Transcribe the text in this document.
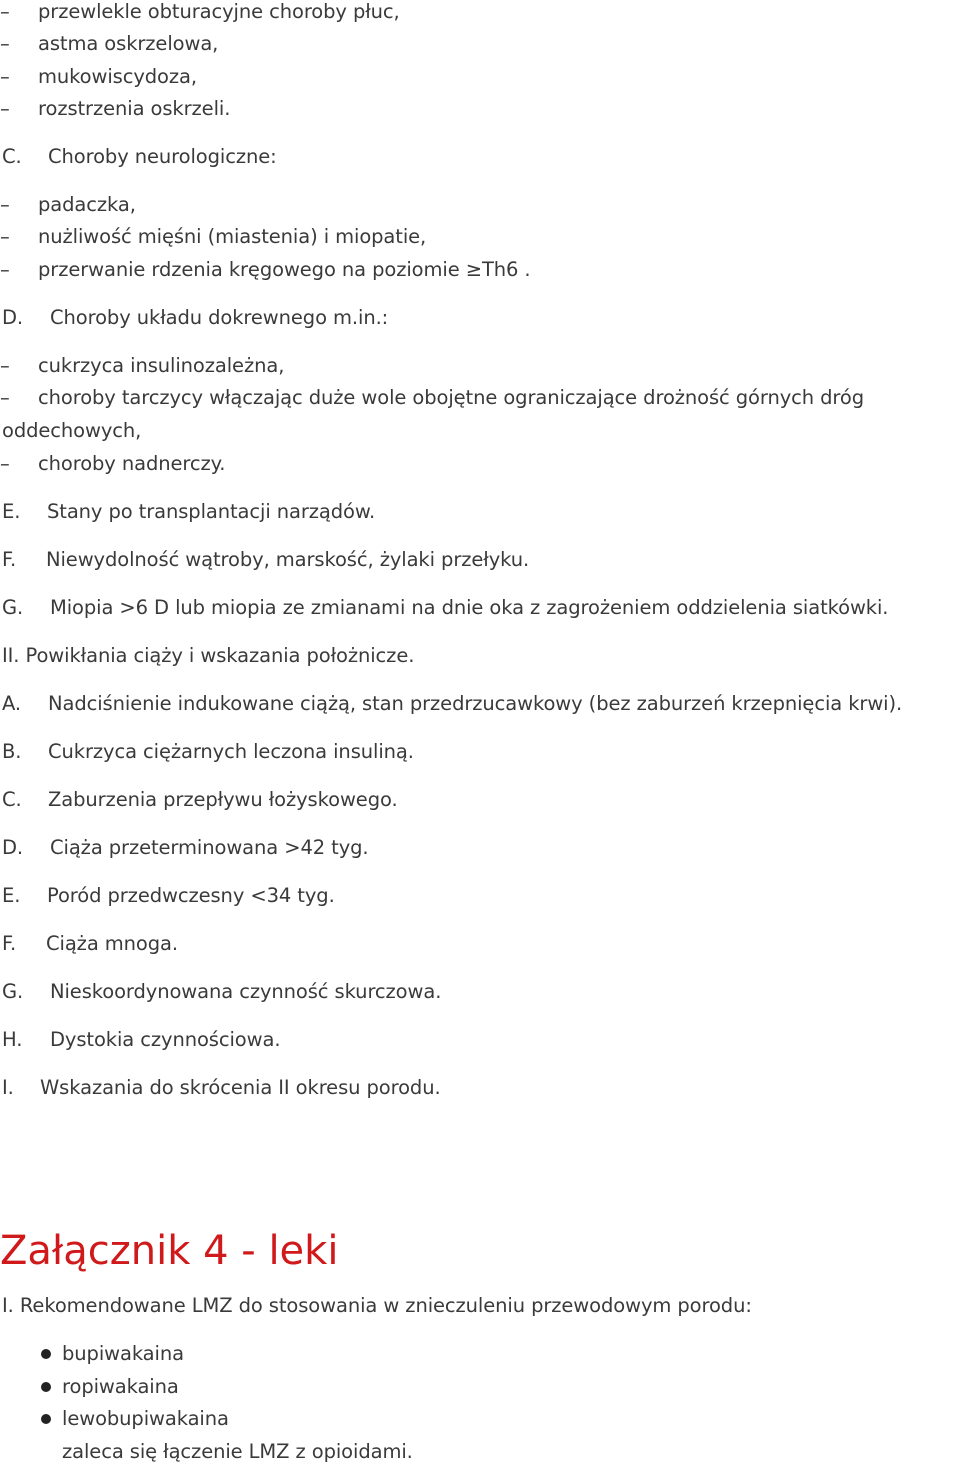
– przewlekle obturacyjne choroby płuc,
– astma oskrzelowa,
– mukowiscydoza,
– rozstrzenia oskrzeli.
C. Choroby neurologiczne:
– padaczka,
– nużliwość mięśni (miastenia) i miopatie,
– przerwanie rdzenia kręgowego na poziomie ≥Th6 .
D. Choroby układu dokrewnego m.in.:
– cukrzyca insulinozależna,
– choroby tarczycy włączając duże wole obojętne ograniczające drożność górnych dróg
oddechowych,
– choroby nadnerczy.
E. Stany po transplantacji narządów.
F. Niewydolność wątroby, marskość, żylaki przełyku.
G. Miopia >6 D lub miopia ze zmianami na dnie oka z zagrożeniem oddzielenia siatkówki.
II. Powikłania ciąży i wskazania położnicze.
A. Nadciśnienie indukowane ciążą, stan przedrzucawkowy (bez zaburzeń krzepnięcia krwi).
B. Cukrzyca ciężarnych leczona insuliną.
C. Zaburzenia przepływu łożyskowego.
D. Ciąża przeterminowana >42 tyg.
E. Poród przedwczesny <34 tyg.
F. Ciąża mnoga.
G. Nieskoordynowana czynność skurczowa.
H. Dystokia czynnościowa.
I. Wskazania do skrócenia II okresu porodu.
Załącznik 4 - leki
I. Rekomendowane LMZ do stosowania w znieczuleniu przewodowym porodu:
bupiwakaina
ropiwakaina
lewobupiwakaina
zaleca się łączenie LMZ z opioidami.
